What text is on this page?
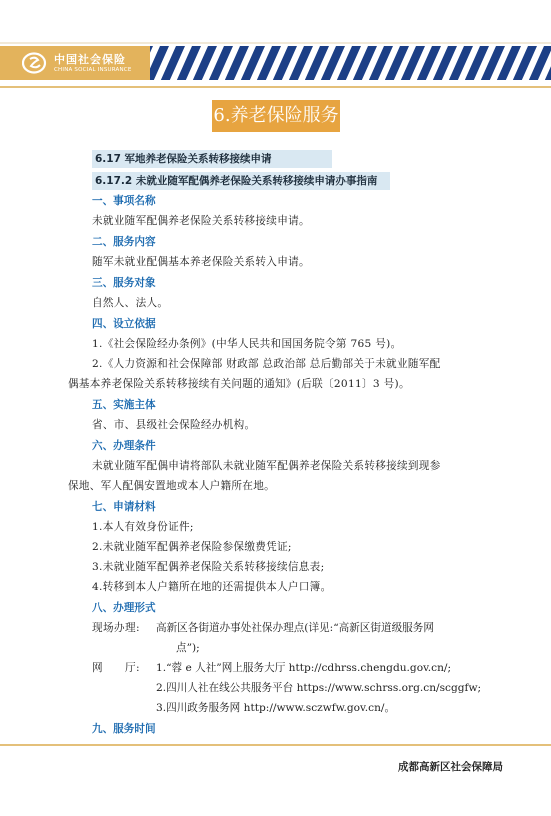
中国社会保险
CHINA SOCIAL INSURANCE
6.养老保险服务
6.17 军地养老保险关系转移接续申请
6.17.2 未就业随军配偶养老保险关系转移接续申请办事指南
一、事项名称
未就业随军配偶养老保险关系转移接续申请。
二、服务内容
随军未就业配偶基本养老保险关系转入申请。
三、服务对象
自然人、法人。
四、设立依据
1.《社会保险经办条例》(中华人民共和国国务院令第 765 号)。
2.《人力资源和社会保障部 财政部 总政治部 总后勤部关于未就业随军配
偶基本养老保险关系转移接续有关问题的通知》(后联〔2011〕3 号)。
五、实施主体
省、市、县级社会保险经办机构。
六、办理条件
未就业随军配偶申请将部队未就业随军配偶养老保险关系转移接续到现参
保地、军人配偶安置地或本人户籍所在地。
七、申请材料
1.本人有效身份证件;
2.未就业随军配偶养老保险参保缴费凭证;
3.未就业随军配偶养老保险关系转移接续信息表;
4.转移到本人户籍所在地的还需提供本人户口簿。
八、办理形式
现场办理:	高新区各街道办事处社保办理点(详见:“高新区街道级服务网
点”);
网　　厅:	1.“蓉 e 人社”网上服务大厅 http://cdhrss.chengdu.gov.cn/;
2.四川人社在线公共服务平台 https://www.schrss.org.cn/scggfw;
3.四川政务服务网 http://www.sczwfw.gov.cn/。
九、服务时间
成都高新区社会保障局
